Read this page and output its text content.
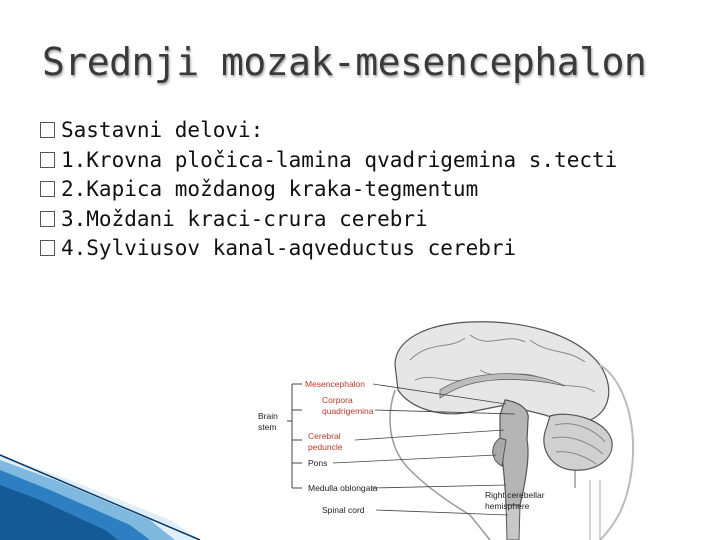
Srednji mozak-mesencephalon
Sastavni delovi:
1.Krovna pločica-lamina qvadrigemina s.tecti
2.Kapica moždanog kraka-tegmentum
3.Moždani kraci-crura cerebri
4.Sylviusov kanal-aqveductus cerebri
Brain
stem
Mesencephalon
Corpora
quadrigemina
Cerebral
peduncle
Pons
Medulla oblongata
Spinal cord
Right cerebellar
hemisphere
